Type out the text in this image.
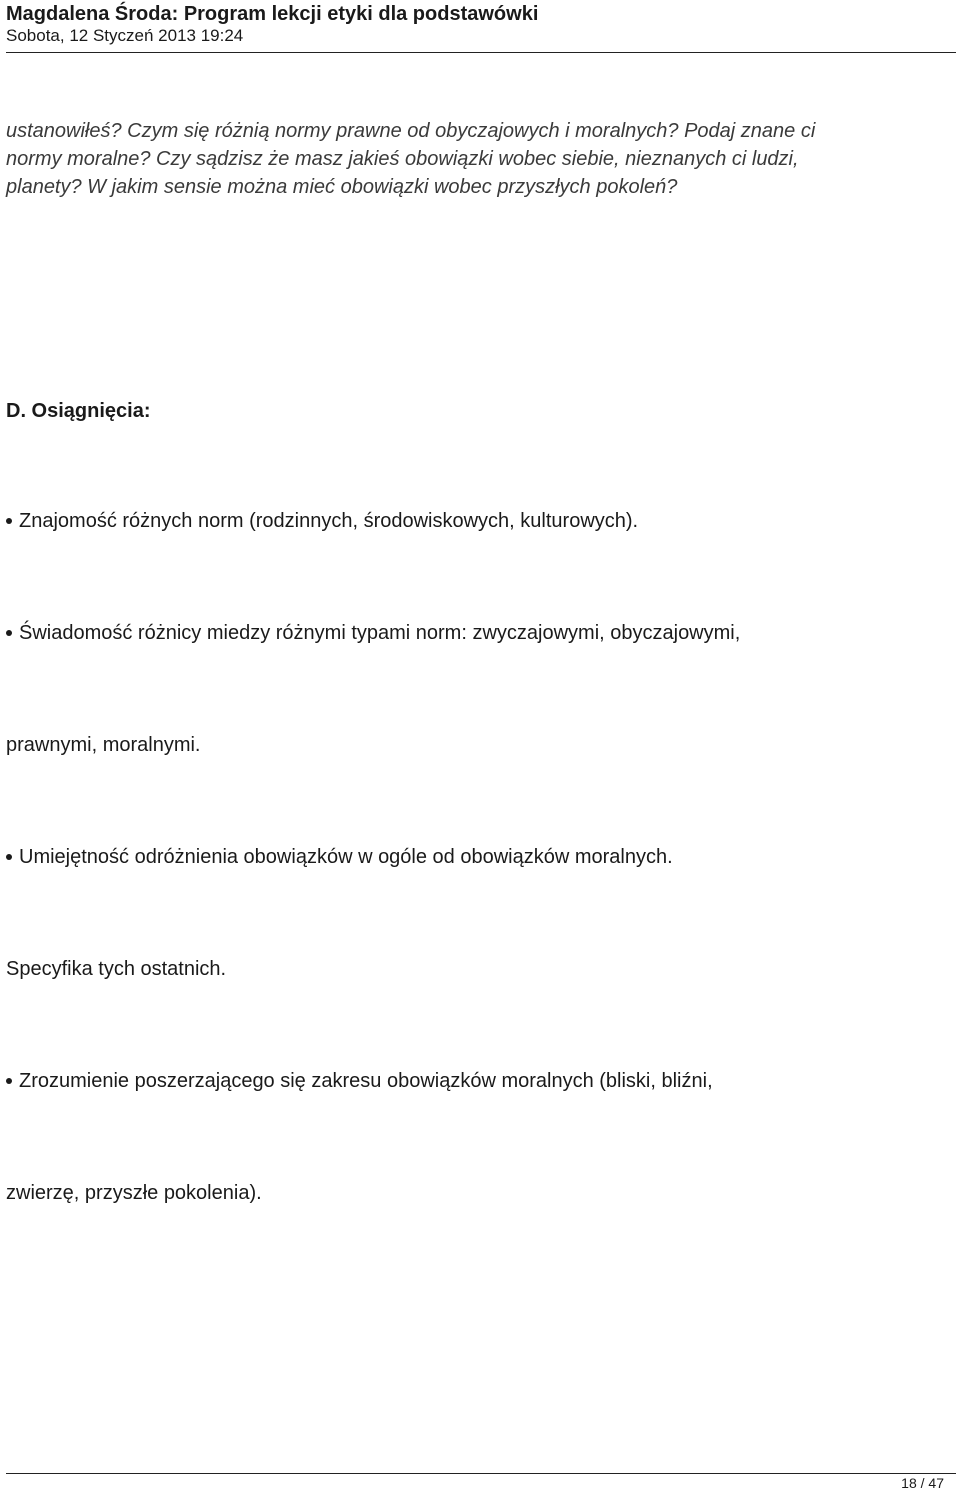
Magdalena Środa: Program lekcji etyki dla podstawówki
Sobota, 12 Styczeń 2013 19:24

ustanowiłeś? Czym się różnią normy prawne od obyczajowych i moralnych? Podaj znane ci

normy moralne? Czy sądzisz że masz jakieś obowiązki wobec siebie, nieznanych ci ludzi,

planety? W jakim sensie można mieć obowiązki wobec przyszłych pokoleń?

D. Osiągnięcia:
Znajomość różnych norm (rodzinnych, środowiskowych, kulturowych).
Świadomość różnicy miedzy różnymi typami norm: zwyczajowymi, obyczajowymi,
prawnymi, moralnymi.
Umiejętność odróżnienia obowiązków w ogóle od obowiązków moralnych.
Specyfika tych ostatnich.
Zrozumienie poszerzającego się zakresu obowiązków moralnych (bliski, bliźni,
zwierzę, przyszłe pokolenia).
18 / 47
